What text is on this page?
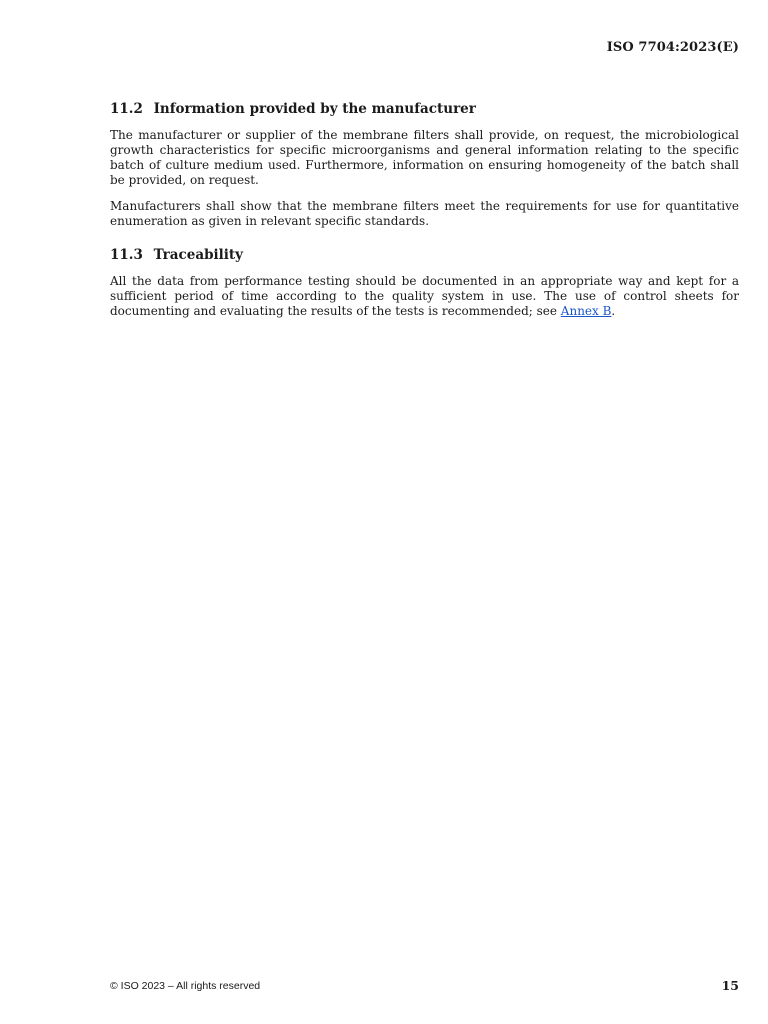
ISO 7704:2023(E)
11.2 Information provided by the manufacturer

The manufacturer or supplier of the membrane filters shall provide, on request, the microbiological growth characteristics for specific microorganisms and general information relating to the specific batch of culture medium used. Furthermore, information on ensuring homogeneity of the batch shall be provided, on request.

Manufacturers shall show that the membrane filters meet the requirements for use for quantitative enumeration as given in relevant specific standards.

11.3 Traceability

All the data from performance testing should be documented in an appropriate way and kept for a sufficient period of time according to the quality system in use. The use of control sheets for documenting and evaluating the results of the tests is recommended; see Annex B.

© ISO 2023 – All rights reserved	15
